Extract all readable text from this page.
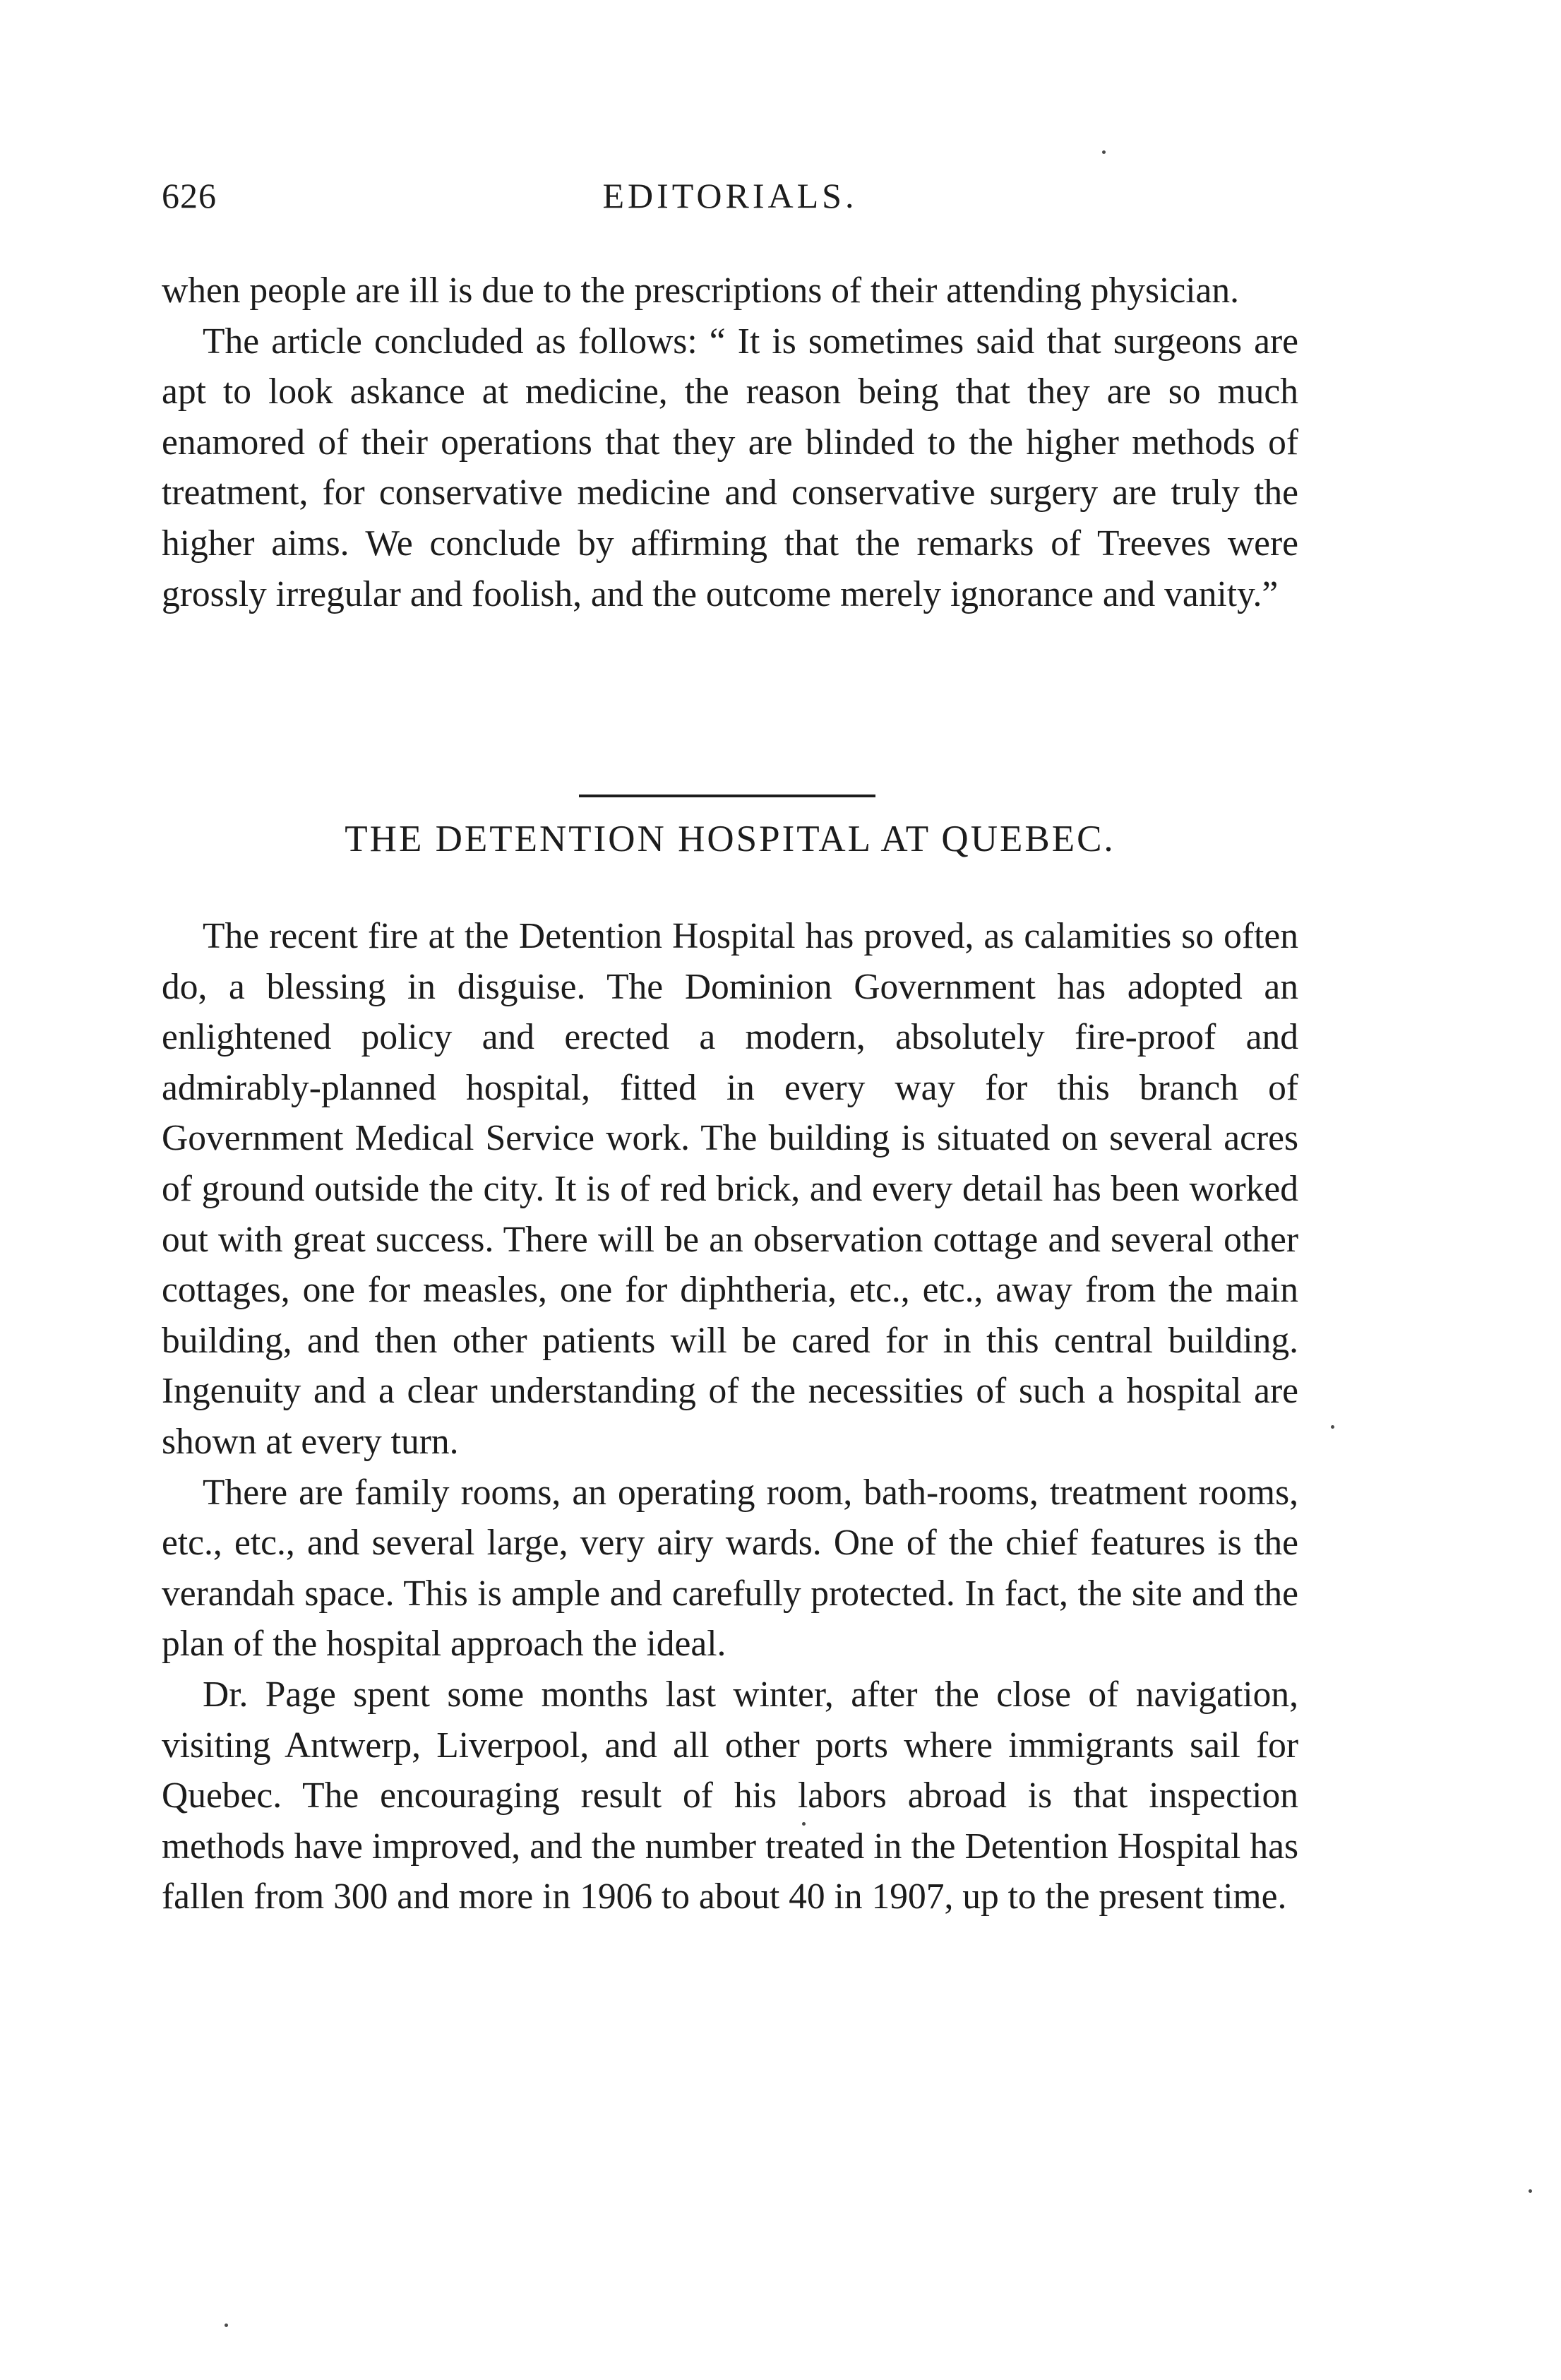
626	EDITORIALS.

when people are ill is due to the prescriptions of their attending physician.

The article concluded as follows: “ It is sometimes said that surgeons are apt to look askance at medicine, the reason being that they are so much enamored of their operations that they are blinded to the higher methods of treatment, for conservative medicine and conservative surgery are truly the higher aims. We conclude by affirming that the remarks of Treeves were grossly irregular and foolish, and the outcome merely ignorance and vanity.”

THE DETENTION HOSPITAL AT QUEBEC.

The recent fire at the Detention Hospital has proved, as calamities so often do, a blessing in disguise. The Dominion Government has adopted an enlightened policy and erected a modern, absolutely fire-proof and admirably-planned hospital, fitted in every way for this branch of Government Medical Service work. The building is situated on several acres of ground outside the city. It is of red brick, and every detail has been worked out with great success. There will be an observation cottage and several other cottages, one for measles, one for diphtheria, etc., etc., away from the main building, and then other patients will be cared for in this central building. Ingenuity and a clear understanding of the necessities of such a hospital are shown at every turn.

There are family rooms, an operating room, bath-rooms, treatment rooms, etc., etc., and several large, very airy wards. One of the chief features is the verandah space. This is ample and carefully protected. In fact, the site and the plan of the hospital approach the ideal.

Dr. Page spent some months last winter, after the close of navigation, visiting Antwerp, Liverpool, and all other ports where immigrants sail for Quebec. The encouraging result of his labors abroad is that inspection methods have improved, and the number treated in the Detention Hospital has fallen from 300 and more in 1906 to about 40 in 1907, up to the present time.
